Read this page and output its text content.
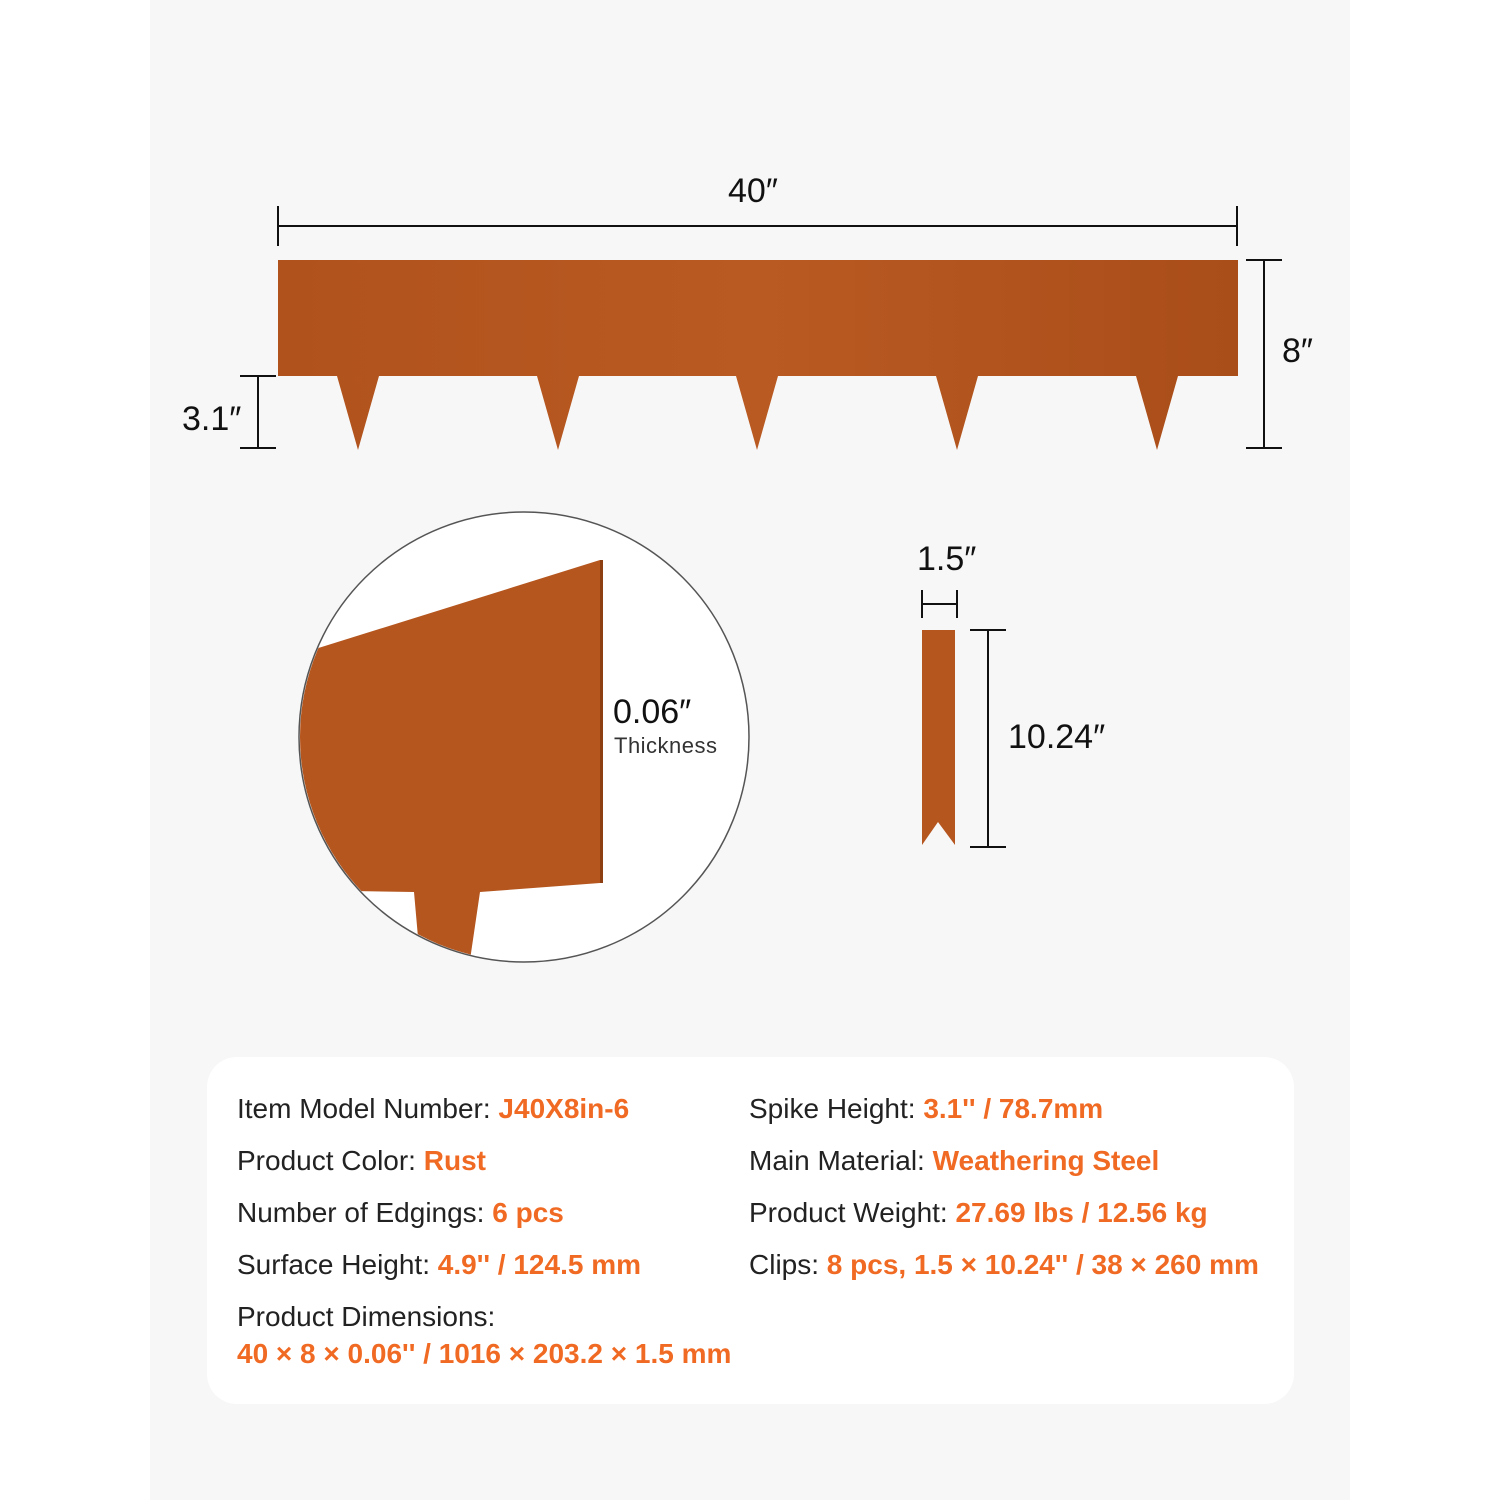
40″
8″
3.1″
0.06″
Thickness
1.5″
10.24″
Item Model Number: J40X8in-6
Product Color: Rust
Number of Edgings: 6 pcs
Surface Height: 4.9'' / 124.5 mm
Product Dimensions:
40 × 8 × 0.06'' / 1016 × 203.2 × 1.5 mm
Spike Height: 3.1'' / 78.7mm
Main Material: Weathering Steel
Product Weight: 27.69 lbs / 12.56 kg
Clips: 8 pcs, 1.5 × 10.24'' / 38 × 260 mm
